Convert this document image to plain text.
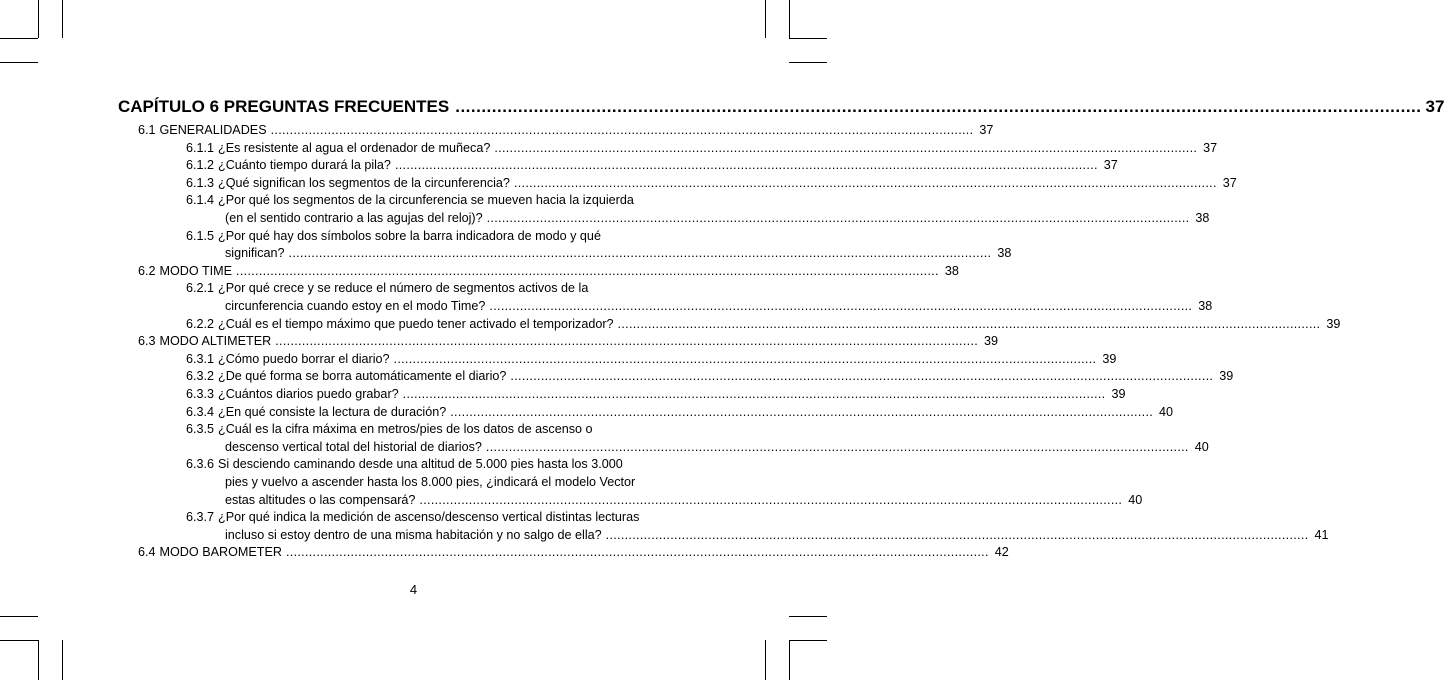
CAPÍTULO 6 PREGUNTAS FRECUENTES ......................................................................................................................................................................................... 37
6.1 GENERALIDADES ......................................................................................................................................................................................... 37
6.1.1 ¿Es resistente al agua el ordenador de muñeca? ......................................................................................................................................................................................... 37
6.1.2 ¿Cuánto tiempo durará la pila? ......................................................................................................................................................................................... 37
6.1.3 ¿Qué significan los segmentos de la circunferencia? ......................................................................................................................................................................................... 37
6.1.4 ¿Por qué los segmentos de la circunferencia se mueven hacia la izquierda
(en el sentido contrario a las agujas del reloj)? ......................................................................................................................................................................................... 38
6.1.5 ¿Por qué hay dos símbolos sobre la barra indicadora de modo y qué
significan? ......................................................................................................................................................................................... 38
6.2 MODO TIME ......................................................................................................................................................................................... 38
6.2.1 ¿Por qué crece y se reduce el número de segmentos activos de la
circunferencia cuando estoy en el modo Time? ......................................................................................................................................................................................... 38
6.2.2 ¿Cuál es el tiempo máximo que puedo tener activado el temporizador? ......................................................................................................................................................................................... 39
6.3 MODO ALTIMETER ......................................................................................................................................................................................... 39
6.3.1 ¿Cómo puedo borrar el diario? ......................................................................................................................................................................................... 39
6.3.2 ¿De qué forma se borra automáticamente el diario? ......................................................................................................................................................................................... 39
6.3.3 ¿Cuántos diarios puedo grabar? ......................................................................................................................................................................................... 39
6.3.4 ¿En qué consiste la lectura de duración? ......................................................................................................................................................................................... 40
6.3.5 ¿Cuál es la cifra máxima en metros/pies de los datos de ascenso o
descenso vertical total del historial de diarios? ......................................................................................................................................................................................... 40
6.3.6 Si desciendo caminando desde una altitud de 5.000 pies hasta los 3.000
pies y vuelvo a ascender hasta los 8.000 pies, ¿indicará el modelo Vector
estas altitudes o las compensará? ......................................................................................................................................................................................... 40
6.3.7 ¿Por qué indica la medición de ascenso/descenso vertical distintas lecturas
incluso si estoy dentro de una misma habitación y no salgo de ella? ......................................................................................................................................................................................... 41
6.4 MODO BAROMETER ......................................................................................................................................................................................... 42
4
